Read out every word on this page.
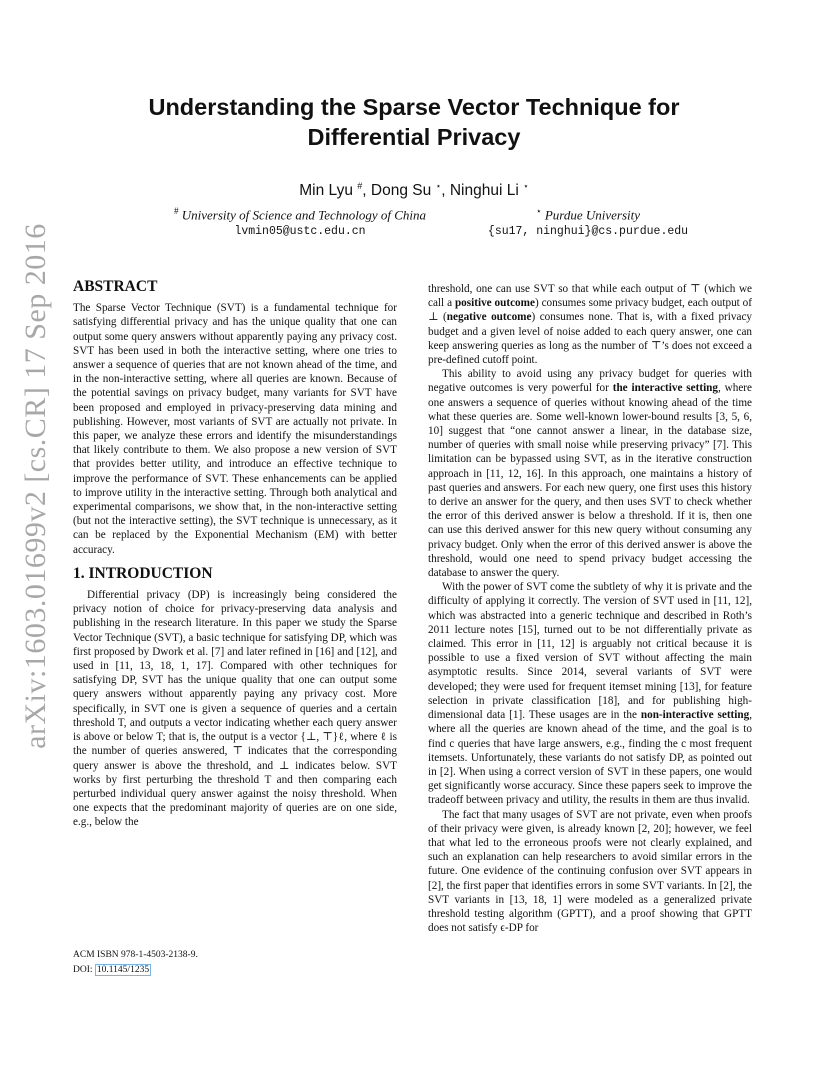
arXiv:1603.01699v2 [cs.CR] 17 Sep 2016
Understanding the Sparse Vector Technique for
Differential Privacy
Min Lyu #, Dong Su ⋆, Ninghui Li ⋆
# University of Science and Technology of China
lvmin05@ustc.edu.cn
⋆ Purdue University
{su17, ninghui}@cs.purdue.edu
ABSTRACT

The Sparse Vector Technique (SVT) is a fundamental technique for satisfying differential privacy and has the unique quality that one can output some query answers without apparently paying any privacy cost. SVT has been used in both the interactive setting, where one tries to answer a sequence of queries that are not known ahead of the time, and in the non-interactive setting, where all queries are known. Because of the potential savings on privacy budget, many variants for SVT have been proposed and employed in privacy-preserving data mining and publishing. However, most variants of SVT are actually not private. In this paper, we analyze these errors and identify the misunderstandings that likely contribute to them. We also propose a new version of SVT that provides better utility, and introduce an effective technique to improve the performance of SVT. These enhancements can be applied to improve utility in the interactive setting. Through both analytical and experimental comparisons, we show that, in the non-interactive setting (but not the interactive setting), the SVT technique is unnecessary, as it can be replaced by the Exponential Mechanism (EM) with better accuracy.

1. INTRODUCTION

Differential privacy (DP) is increasingly being considered the privacy notion of choice for privacy-preserving data analysis and publishing in the research literature. In this paper we study the Sparse Vector Technique (SVT), a basic technique for satisfying DP, which was first proposed by Dwork et al. [7] and later refined in [16] and [12], and used in [11, 13, 18, 1, 17]. Compared with other techniques for satisfying DP, SVT has the unique quality that one can output some query answers without apparently paying any privacy cost. More specifically, in SVT one is given a sequence of queries and a certain threshold T, and outputs a vector indicating whether each query answer is above or below T; that is, the output is a vector {⊥, ⊤}ℓ, where ℓ is the number of queries answered, ⊤ indicates that the corresponding query answer is above the threshold, and ⊥ indicates below. SVT works by first perturbing the threshold T and then comparing each perturbed individual query answer against the noisy threshold. When one expects that the predominant majority of queries are on one side, e.g., below the

threshold, one can use SVT so that while each output of ⊤ (which we call a positive outcome) consumes some privacy budget, each output of ⊥ (negative outcome) consumes none. That is, with a fixed privacy budget and a given level of noise added to each query answer, one can keep answering queries as long as the number of ⊤’s does not exceed a pre-defined cutoff point.

This ability to avoid using any privacy budget for queries with negative outcomes is very powerful for the interactive setting, where one answers a sequence of queries without knowing ahead of the time what these queries are. Some well-known lower-bound results [3, 5, 6, 10] suggest that “one cannot answer a linear, in the database size, number of queries with small noise while preserving privacy” [7]. This limitation can be bypassed using SVT, as in the iterative construction approach in [11, 12, 16]. In this approach, one maintains a history of past queries and answers. For each new query, one first uses this history to derive an answer for the query, and then uses SVT to check whether the error of this derived answer is below a threshold. If it is, then one can use this derived answer for this new query without consuming any privacy budget. Only when the error of this derived answer is above the threshold, would one need to spend privacy budget accessing the database to answer the query.

With the power of SVT come the subtlety of why it is private and the difficulty of applying it correctly. The version of SVT used in [11, 12], which was abstracted into a generic technique and described in Roth’s 2011 lecture notes [15], turned out to be not differentially private as claimed. This error in [11, 12] is arguably not critical because it is possible to use a fixed version of SVT without affecting the main asymptotic results. Since 2014, several variants of SVT were developed; they were used for frequent itemset mining [13], for feature selection in private classification [18], and for publishing high-dimensional data [1]. These usages are in the non-interactive setting, where all the queries are known ahead of the time, and the goal is to find c queries that have large answers, e.g., finding the c most frequent itemsets. Unfortunately, these variants do not satisfy DP, as pointed out in [2]. When using a correct version of SVT in these papers, one would get significantly worse accuracy. Since these papers seek to improve the tradeoff between privacy and utility, the results in them are thus invalid.

The fact that many usages of SVT are not private, even when proofs of their privacy were given, is already known [2, 20]; however, we feel that what led to the erroneous proofs were not clearly explained, and such an explanation can help researchers to avoid similar errors in the future. One evidence of the continuing confusion over SVT appears in [2], the first paper that identifies errors in some SVT variants. In [2], the SVT variants in [13, 18, 1] were modeled as a generalized private threshold testing algorithm (GPTT), and a proof showing that GPTT does not satisfy ϵ-DP for

ACM ISBN 978-1-4503-2138-9.
DOI: 10.1145/1235
